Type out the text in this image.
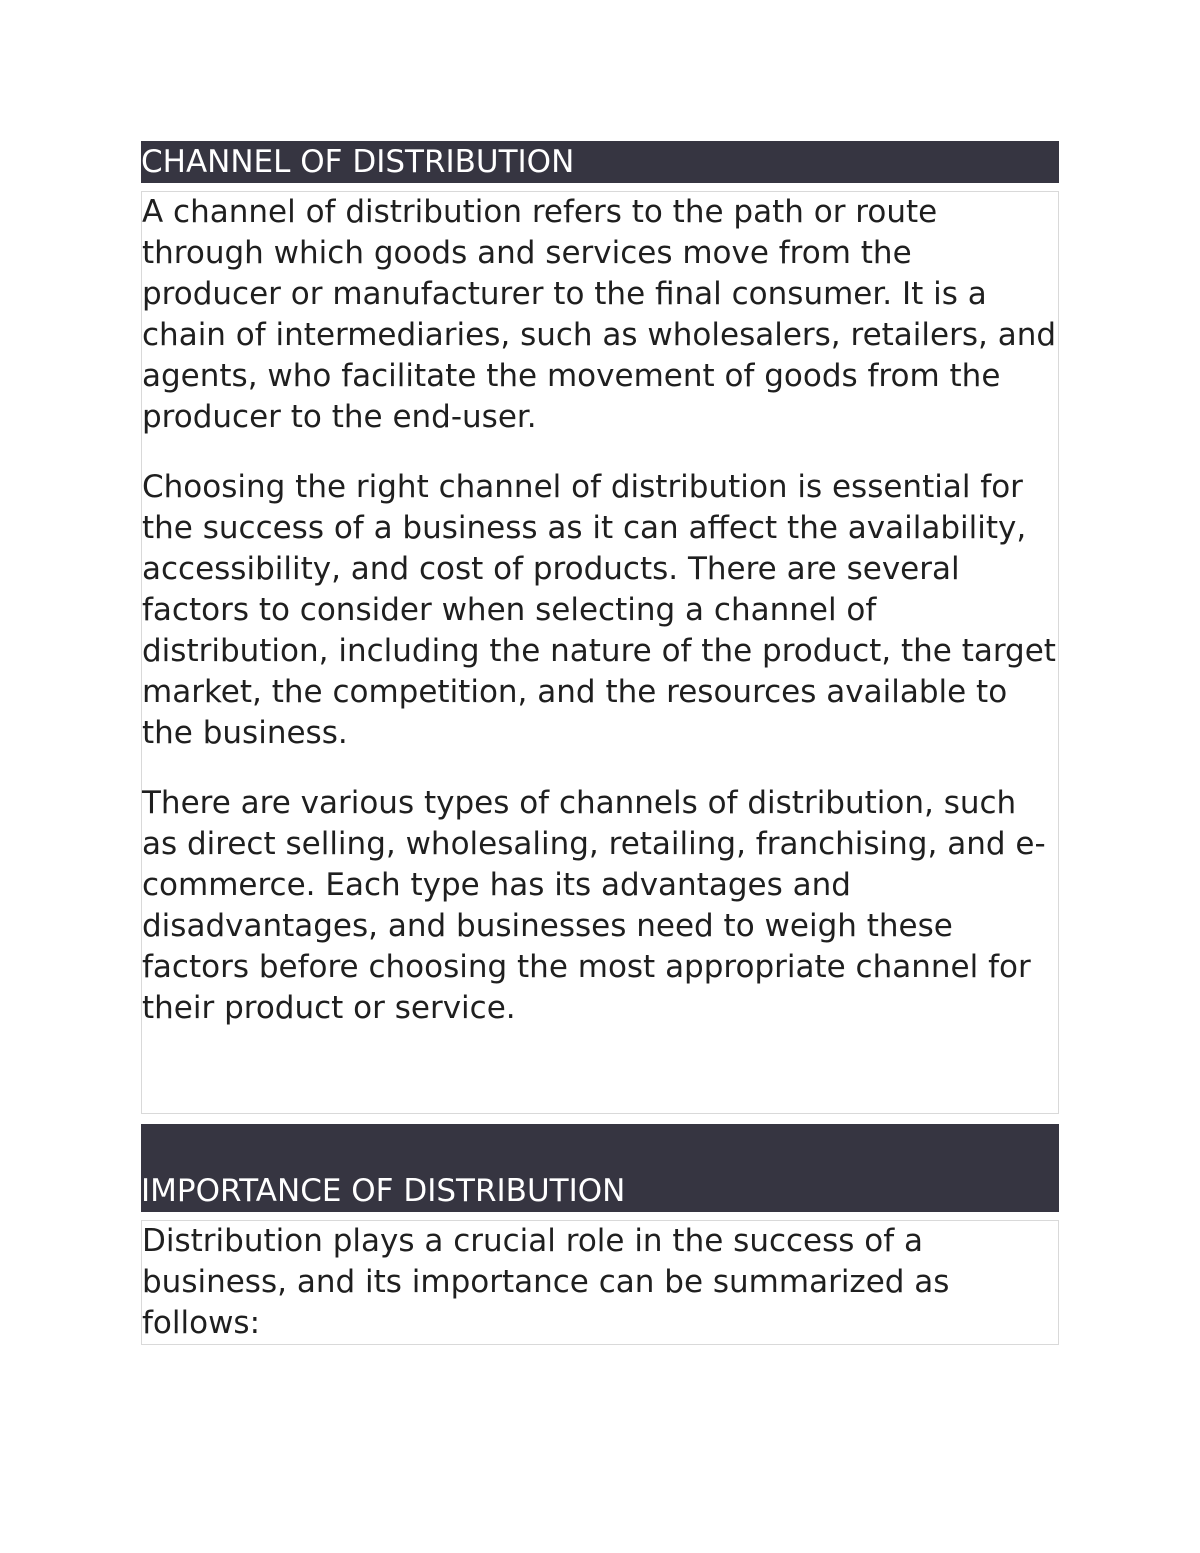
CHANNEL OF DISTRIBUTION

A channel of distribution refers to the path or route through which goods and services move from the producer or manufacturer to the final consumer. It is a chain of intermediaries, such as wholesalers, retailers, and agents, who facilitate the movement of goods from the producer to the end-user.

Choosing the right channel of distribution is essential for the success of a business as it can affect the availability, accessibility, and cost of products. There are several factors to consider when selecting a channel of distribution, including the nature of the product, the target market, the competition, and the resources available to the business.

There are various types of channels of distribution, such as direct selling, wholesaling, retailing, franchising, and e-commerce. Each type has its advantages and disadvantages, and businesses need to weigh these factors before choosing the most appropriate channel for their product or service.

IMPORTANCE OF DISTRIBUTION

Distribution plays a crucial role in the success of a business, and its importance can be summarized as follows:
